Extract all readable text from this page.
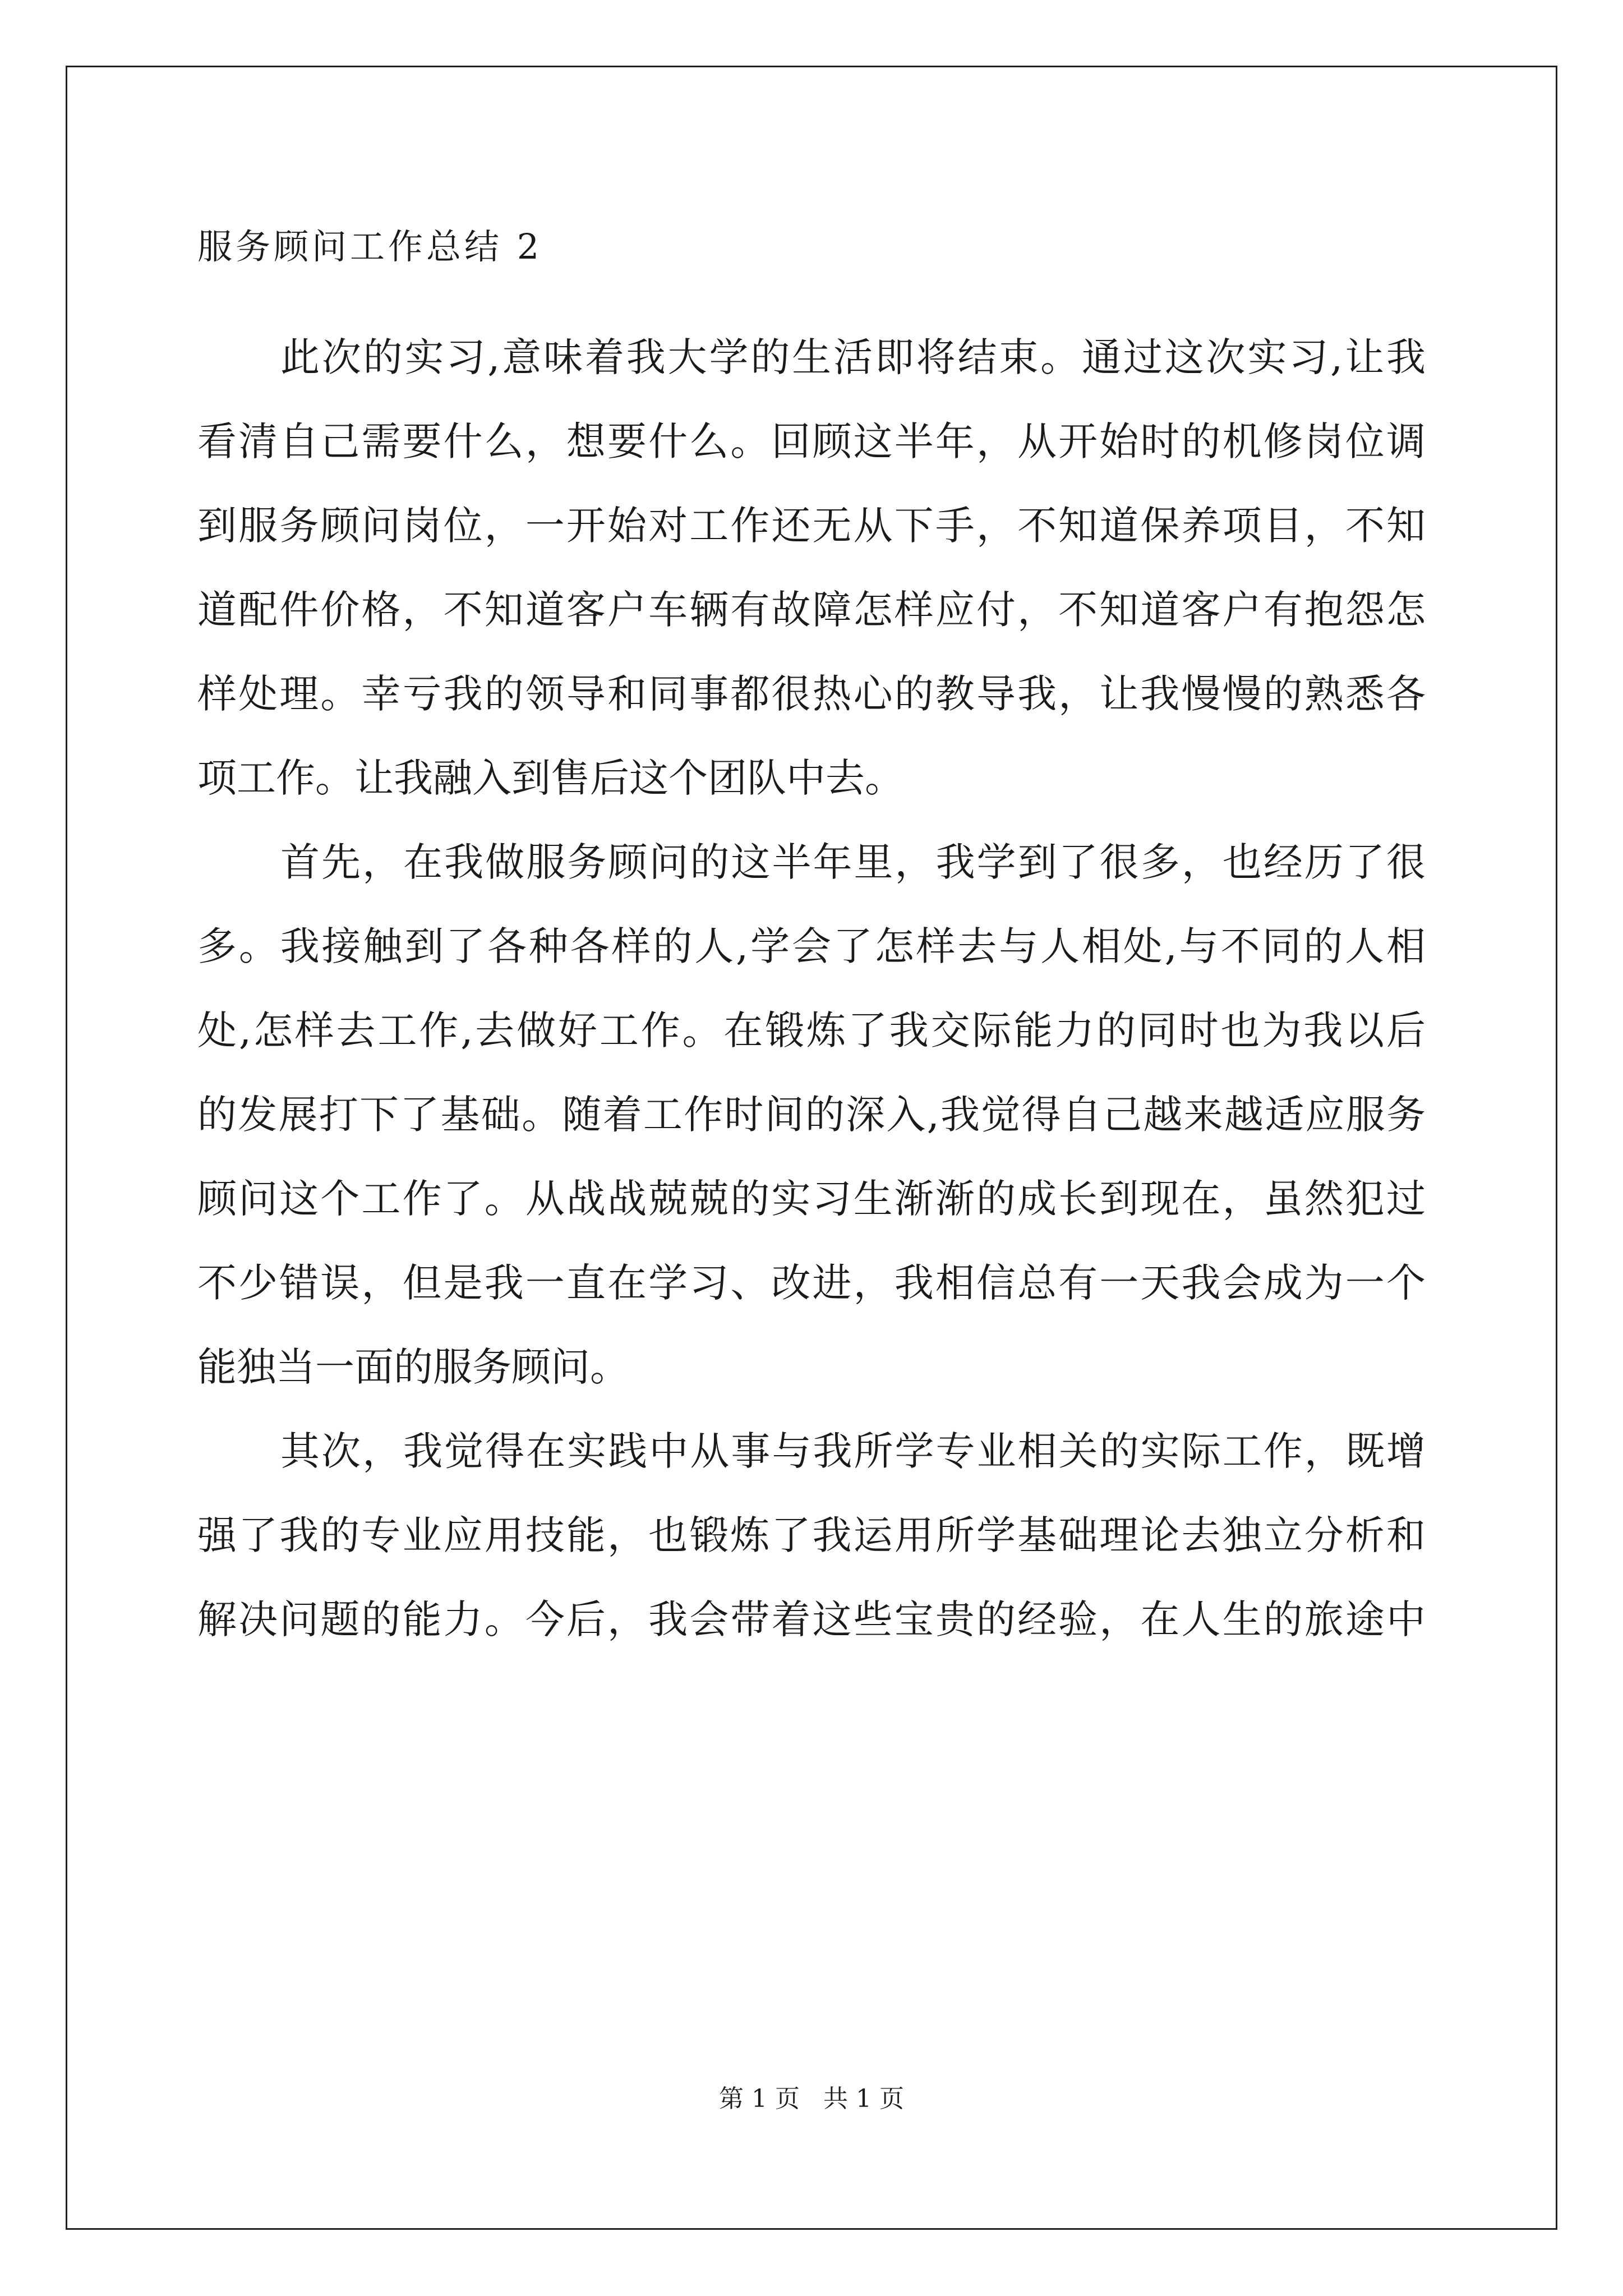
服务顾问工作总结 2

此次的实习,意味着我大学的生活即将结束。通过这次实习,让我

看清自己需要什么，想要什么。回顾这半年，从开始时的机修岗位调

到服务顾问岗位，一开始对工作还无从下手，不知道保养项目，不知

道配件价格，不知道客户车辆有故障怎样应付，不知道客户有抱怨怎

样处理。幸亏我的领导和同事都很热心的教导我，让我慢慢的熟悉各

项工作。让我融入到售后这个团队中去。

首先，在我做服务顾问的这半年里，我学到了很多，也经历了很

多。我接触到了各种各样的人,学会了怎样去与人相处,与不同的人相

处,怎样去工作,去做好工作。在锻炼了我交际能力的同时也为我以后

的发展打下了基础。随着工作时间的深入,我觉得自己越来越适应服务

顾问这个工作了。从战战兢兢的实习生渐渐的成长到现在，虽然犯过

不少错误，但是我一直在学习、改进，我相信总有一天我会成为一个

能独当一面的服务顾问。

其次，我觉得在实践中从事与我所学专业相关的实际工作，既增

强了我的专业应用技能，也锻炼了我运用所学基础理论去独立分析和

解决问题的能力。今后，我会带着这些宝贵的经验，在人生的旅途中

第 1 页   共 1 页
